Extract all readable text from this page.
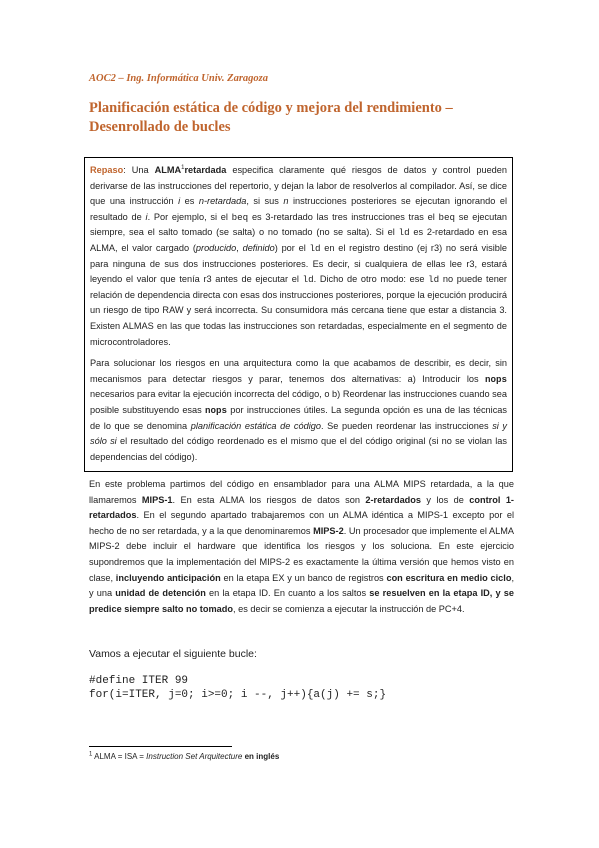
AOC2 – Ing. Informática Univ. Zaragoza
Planificación estática de código y mejora del rendimiento – Desenrollado de bucles

Repaso: Una ALMA$^1$retardada especifica claramente qué riesgos de datos y control pueden derivarse de las instrucciones del repertorio, y dejan la labor de resolverlos al compilador. Así, se dice que una instrucción i es n-retardada, si sus n instrucciones posteriores se ejecutan ignorando el resultado de i. Por ejemplo, si el beq es 3-retardado las tres instrucciones tras el beq se ejecutan siempre, sea el salto tomado (se salta) o no tomado (no se salta). Si el ld es 2-retardado en esa ALMA, el valor cargado (producido, definido) por el ld en el registro destino (ej r3) no será visible para ninguna de sus dos instrucciones posteriores. Es decir, si cualquiera de ellas lee r3, estará leyendo el valor que tenía r3 antes de ejecutar el ld. Dicho de otro modo: ese ld no puede tener relación de dependencia directa con esas dos instrucciones posteriores, porque la ejecución producirá un riesgo de tipo RAW y será incorrecta. Su consumidora más cercana tiene que estar a distancia 3. Existen ALMAS en las que todas las instrucciones son retardadas, especialmente en el segmento de microcontroladores.

Para solucionar los riesgos en una arquitectura como la que acabamos de describir, es decir, sin mecanismos para detectar riesgos y parar, tenemos dos alternativas: a) Introducir los nops necesarios para evitar la ejecución incorrecta del código, o b) Reordenar las instrucciones cuando sea posible substituyendo esas nops por instrucciones útiles. La segunda opción es una de las técnicas de lo que se denomina planificación estática de código. Se pueden reordenar las instrucciones si y sólo si el resultado del código reordenado es el mismo que el del código original (si no se violan las dependencias del código).

En este problema partimos del código en ensamblador para una ALMA MIPS retardada, a la que llamaremos MIPS-1. En esta ALMA los riesgos de datos son 2-retardados y los de control 1-retardados. En el segundo apartado trabajaremos con un ALMA idéntica a MIPS-1 excepto por el hecho de no ser retardada, y a la que denominaremos MIPS-2. Un procesador que implemente el ALMA MIPS-2 debe incluir el hardware que identifica los riesgos y los soluciona. En este ejercicio supondremos que la implementación del MIPS-2 es exactamente la última versión que hemos visto en clase, incluyendo anticipación en la etapa EX y un banco de registros con escritura en medio ciclo, y una unidad de detención en la etapa ID. En cuanto a los saltos se resuelven en la etapa ID, y se predice siempre salto no tomado, es decir se comienza a ejecutar la instrucción de PC+4.

Vamos a ejecutar el siguiente bucle:
#define ITER 99
for(i=ITER, j=0; i>=0; i --, j++){a(j) += s;}
$^1$ ALMA = ISA = Instruction Set Arquitecture en inglés
